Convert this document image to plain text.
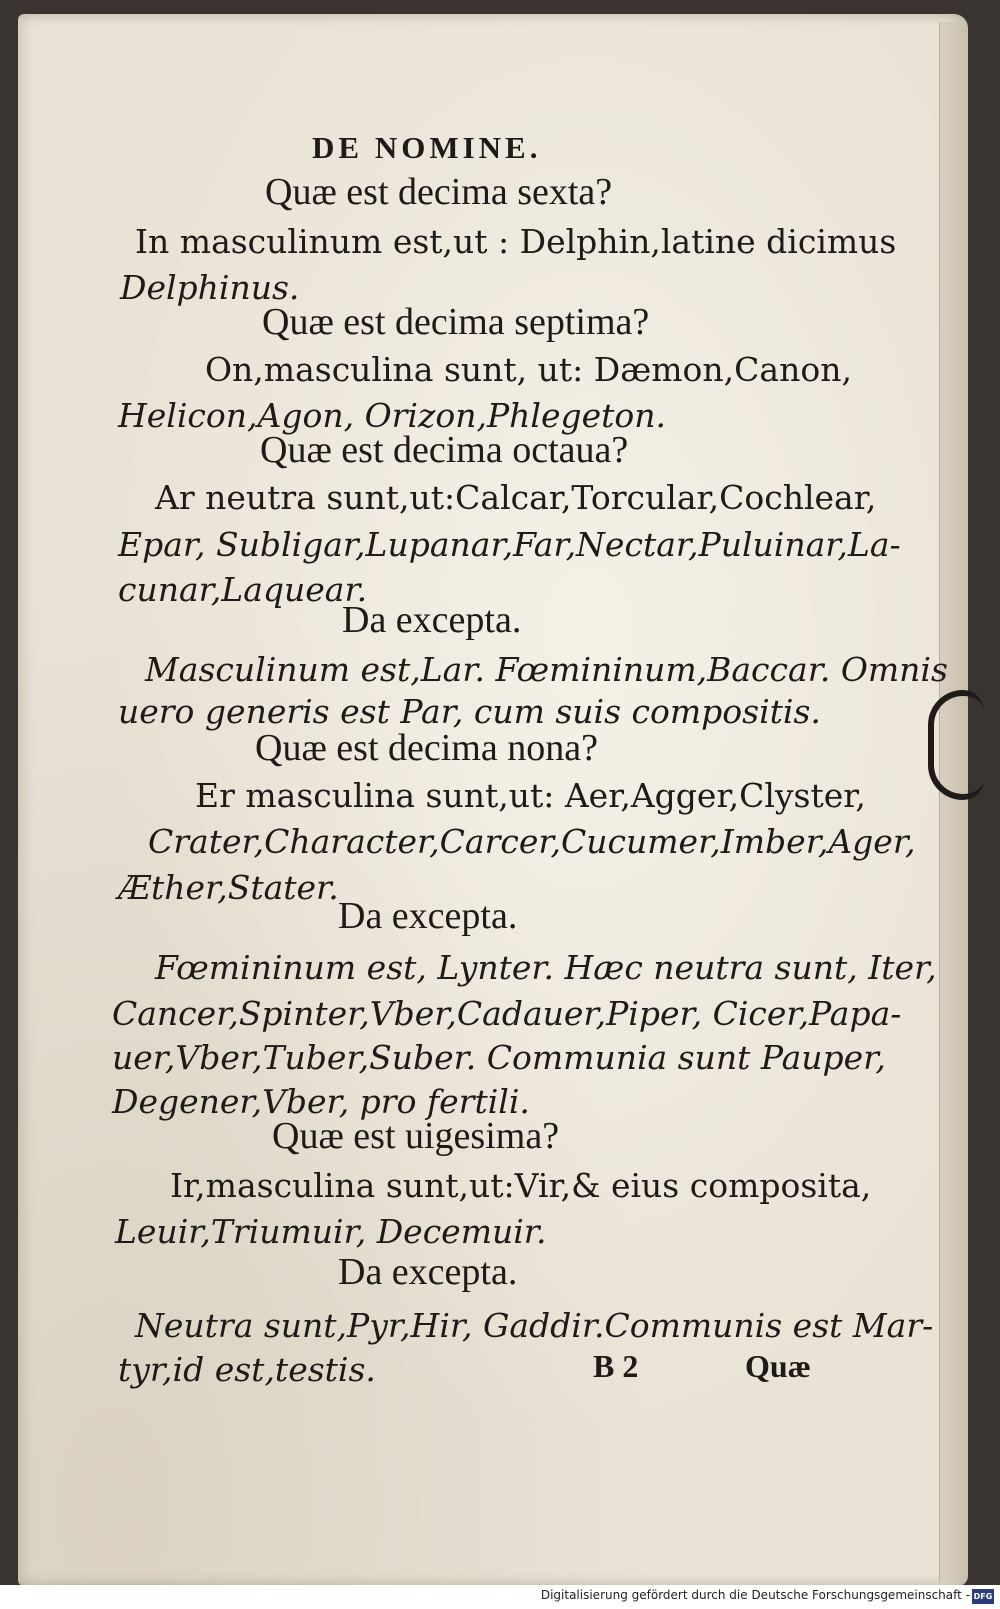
DE NOMINE.
Quæ est decima sexta?
In masculinum est,ut : Delphin,latine dicimus
Delphinus.
Quæ est decima septima?
On,masculina sunt, ut: Dæmon,Canon,
Helicon,Agon, Orizon,Phlegeton.
Quæ est decima octaua?
Ar neutra sunt,ut:Calcar,Torcular,Cochlear,
Epar, Subligar,Lupanar,Far,Nectar,Puluinar,La-
cunar,Laquear.
Da excepta.
Masculinum est,Lar. Fœmininum,Baccar. Omnis
uero generis est Par, cum suis compositis.
Quæ est decima nona?
Er masculina sunt,ut: Aer,Agger,Clyster,
Crater,Character,Carcer,Cucumer,Imber,Ager,
Æther,Stater.
Da excepta.
Fœmininum est, Lynter. Hæc neutra sunt, Iter,
Cancer,Spinter,Vber,Cadauer,Piper, Cicer,Papa-
uer,Vber,Tuber,Suber. Communia sunt Pauper,
Degener,Vber, pro fertili.
Quæ est uigesima?
Ir,masculina sunt,ut:Vir,& eius composita,
Leuir,Triumuir, Decemuir.
Da excepta.
Neutra sunt,Pyr,Hir, Gaddir.Communis est Mar-
tyr,id est,testis.	B 2	Quæ
Digitalisierung gefördert durch die Deutsche Forschungsgemeinschaft - DFG
